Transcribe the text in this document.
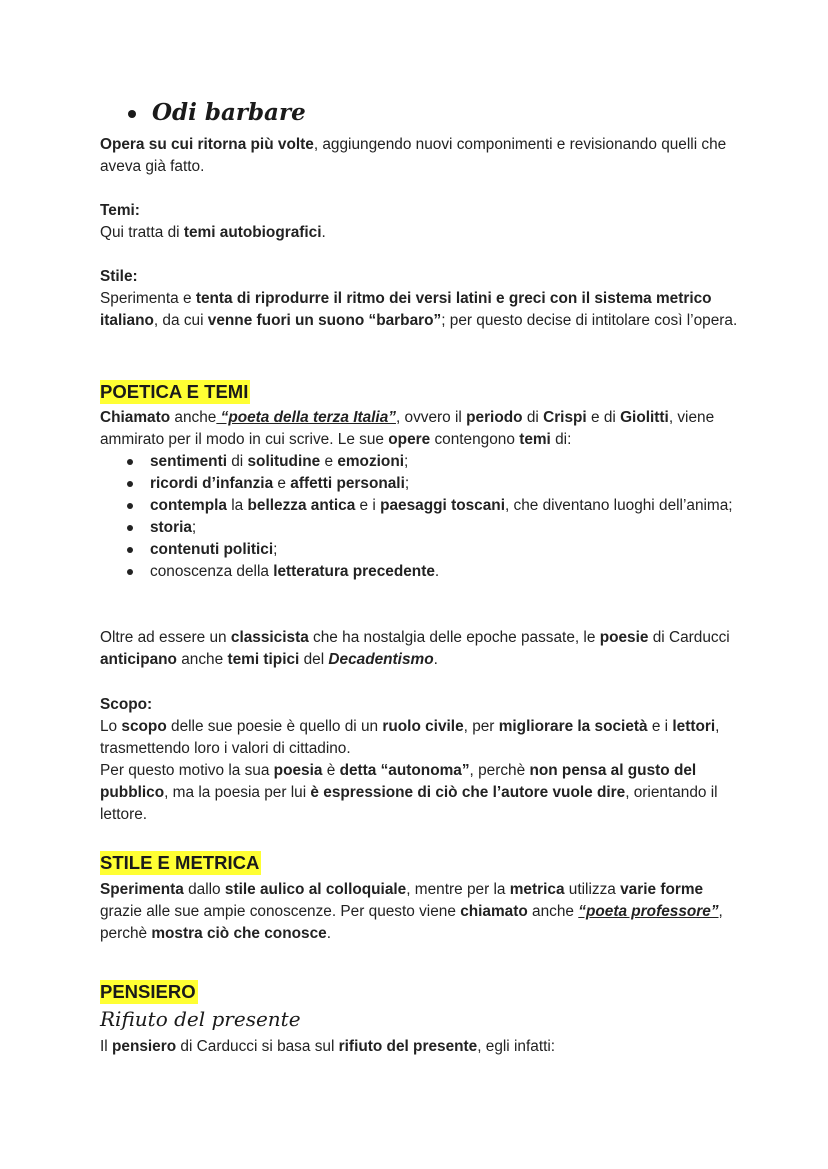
Odi barbare

Opera su cui ritorna più volte, aggiungendo nuovi componimenti e revisionando quelli che aveva già fatto.

Temi:

Qui tratta di temi autobiografici.

Stile:

Sperimenta e tenta di riprodurre il ritmo dei versi latini e greci con il sistema metrico italiano, da cui venne fuori un suono “barbaro”; per questo decise di intitolare così l’opera.

POETICA E TEMI

Chiamato anche “poeta della terza Italia”, ovvero il periodo di Crispi e di Giolitti, viene ammirato per il modo in cui scrive. Le sue opere contengono temi di:

sentimenti di solitudine e emozioni;
ricordi d’infanzia e affetti personali;
contempla la bellezza antica e i paesaggi toscani, che diventano luoghi dell’anima;
storia;
contenuti politici;
conoscenza della letteratura precedente.

Oltre ad essere un classicista che ha nostalgia delle epoche passate, le poesie di Carducci anticipano anche temi tipici del Decadentismo.

Scopo:

Lo scopo delle sue poesie è quello di un ruolo civile, per migliorare la società e i lettori, trasmettendo loro i valori di cittadino.

Per questo motivo la sua poesia è detta “autonoma”, perchè non pensa al gusto del pubblico, ma la poesia per lui è espressione di ciò che l’autore vuole dire, orientando il lettore.

STILE E METRICA

Sperimenta dallo stile aulico al colloquiale, mentre per la metrica utilizza varie forme grazie alle sue ampie conoscenze. Per questo viene chiamato anche “poeta professore”, perchè mostra ciò che conosce.

PENSIERO
Rifiuto del presente

Il pensiero di Carducci si basa sul rifiuto del presente, egli infatti:
